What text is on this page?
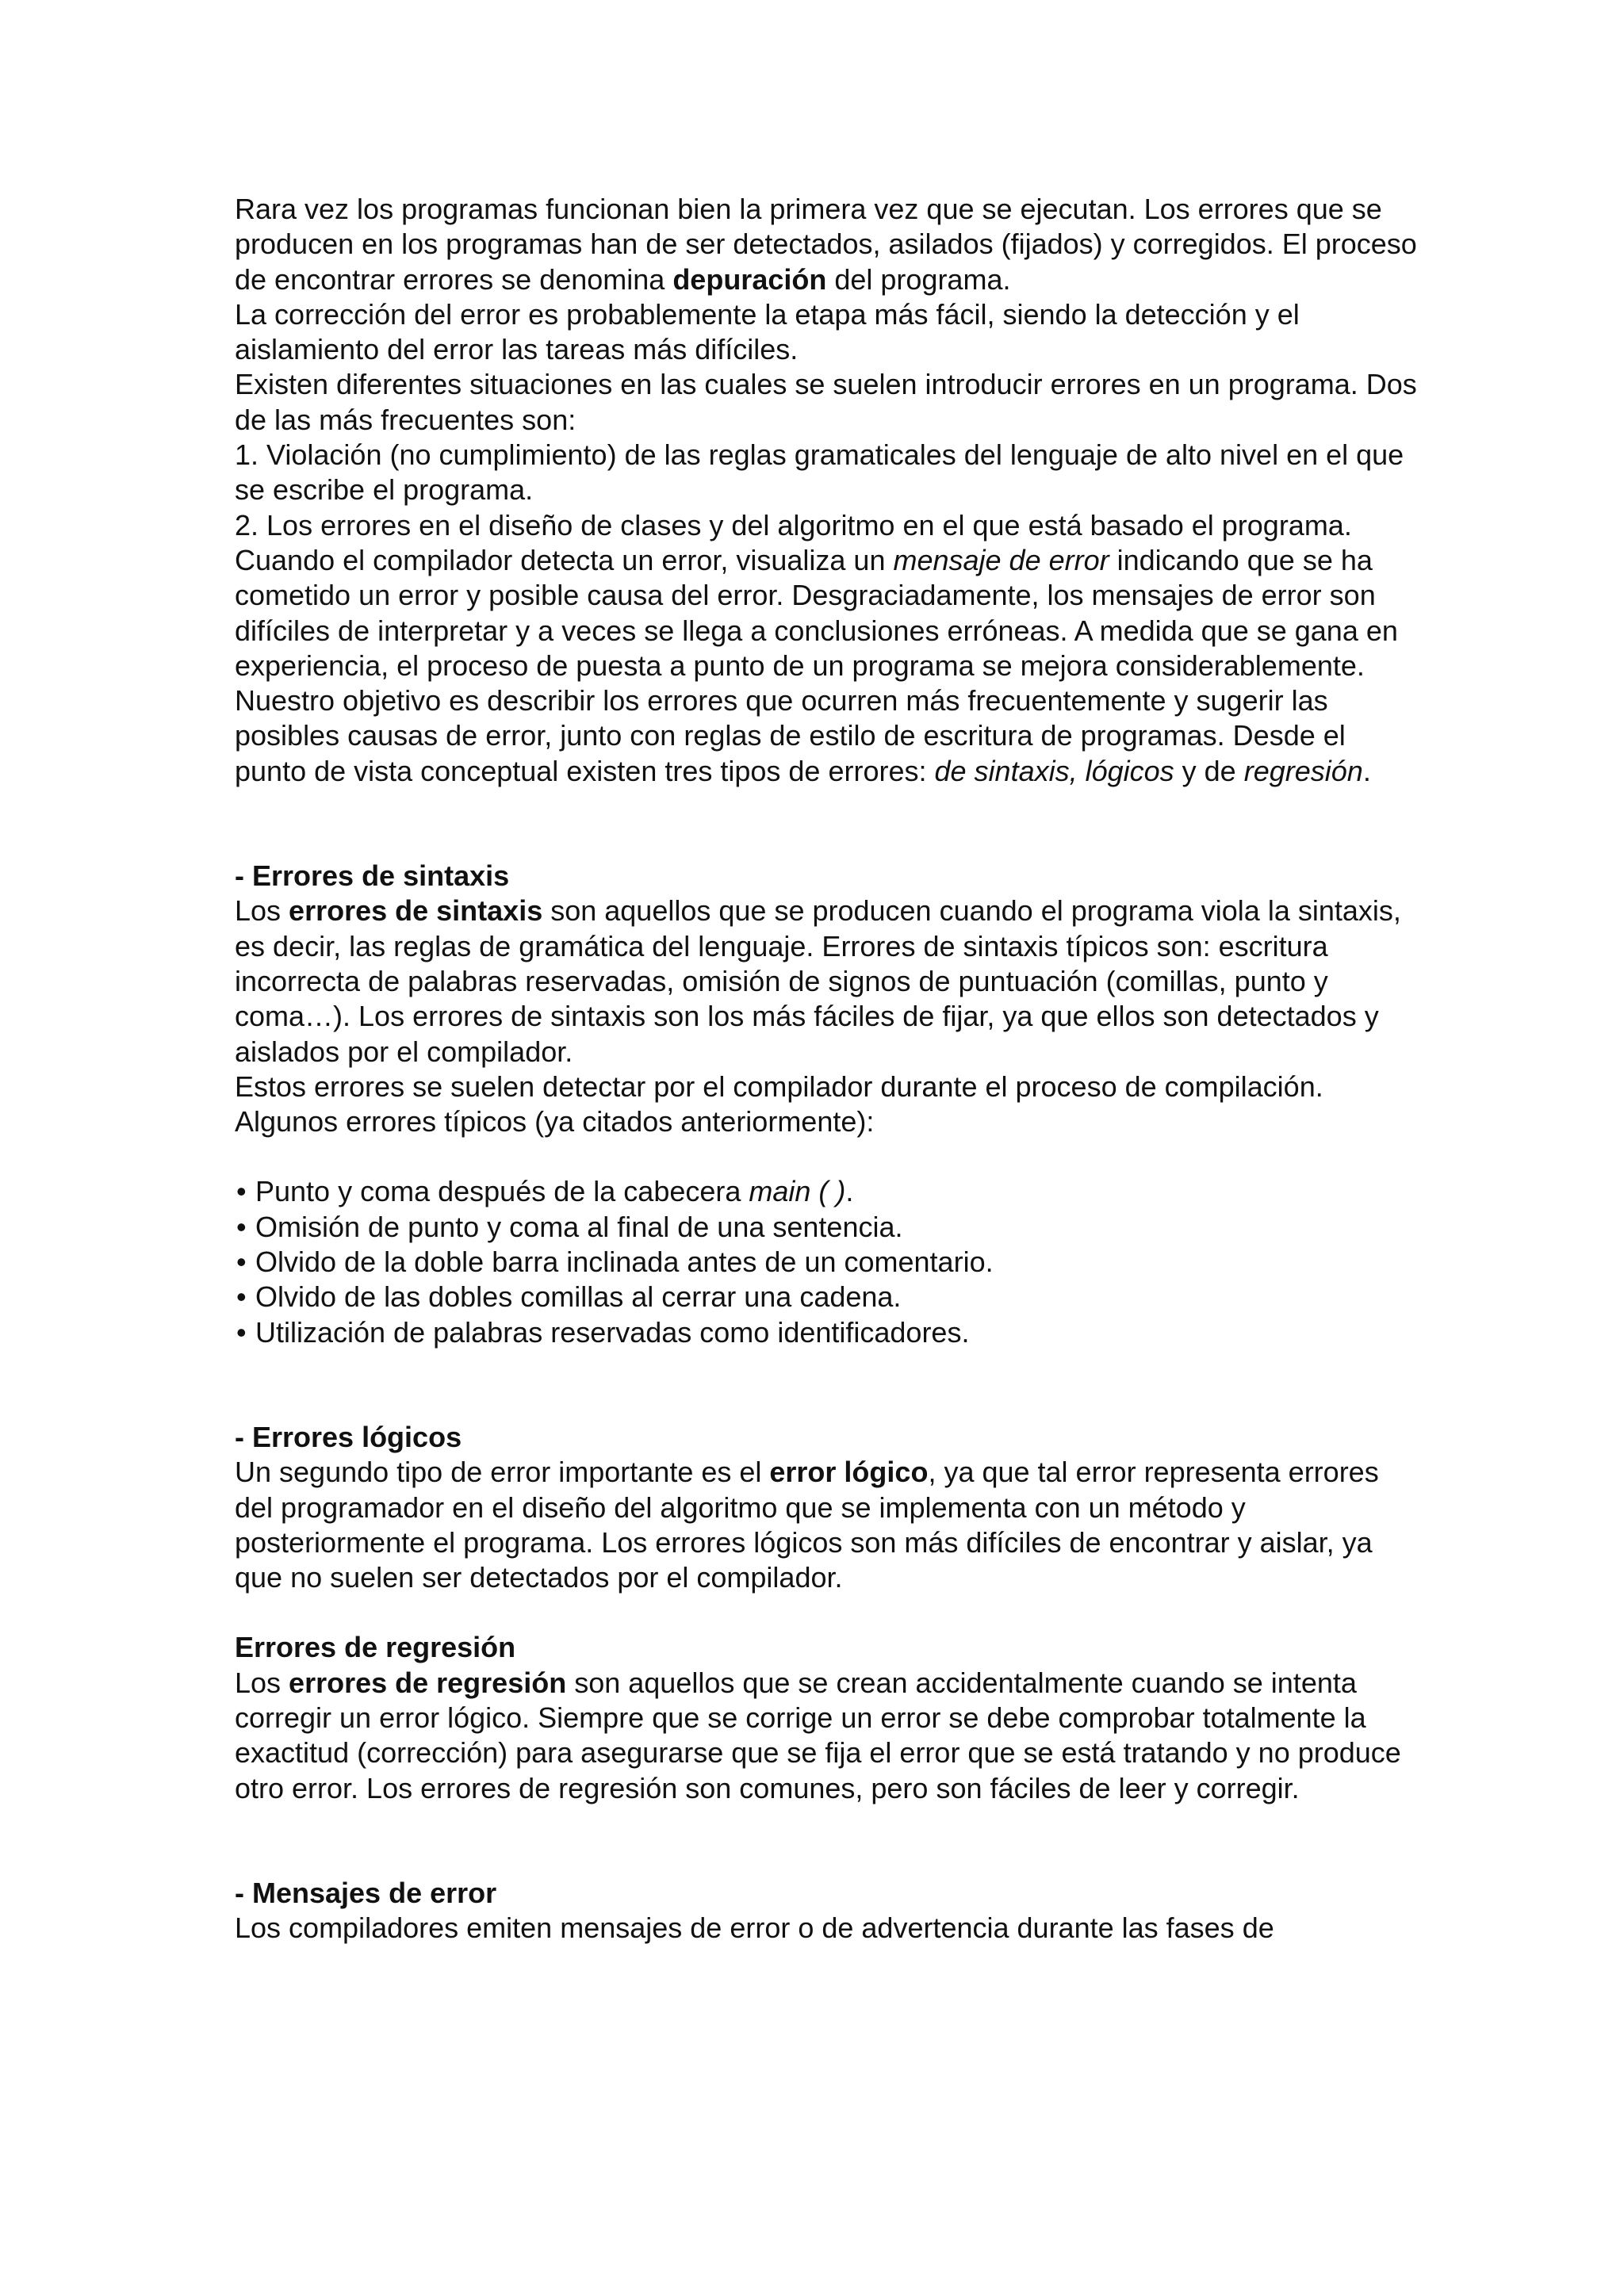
Rara vez los programas funcionan bien la primera vez que se ejecutan. Los errores que se producen en los programas han de ser detectados, asilados (fijados) y corregidos. El proceso de encontrar errores se denomina depuración del programa.

La corrección del error es probablemente la etapa más fácil, siendo la detección y el aislamiento del error las tareas más difíciles.

Existen diferentes situaciones en las cuales se suelen introducir errores en un programa. Dos de las más frecuentes son:

1. Violación (no cumplimiento) de las reglas gramaticales del lenguaje de alto nivel en el que se escribe el programa.

2. Los errores en el diseño de clases y del algoritmo en el que está basado el programa.

Cuando el compilador detecta un error, visualiza un mensaje de error indicando que se ha cometido un error y posible causa del error. Desgraciadamente, los mensajes de error son difíciles de interpretar y a veces se llega a conclusiones erróneas. A medida que se gana en experiencia, el proceso de puesta a punto de un programa se mejora considerablemente.

Nuestro objetivo es describir los errores que ocurren más frecuentemente y sugerir las posibles causas de error, junto con reglas de estilo de escritura de programas. Desde el punto de vista conceptual existen tres tipos de errores: de sintaxis, lógicos y de regresión.

- Errores de sintaxis

Los errores de sintaxis son aquellos que se producen cuando el programa viola la sintaxis, es decir, las reglas de gramática del lenguaje. Errores de sintaxis típicos son: escritura incorrecta de palabras reservadas, omisión de signos de puntuación (comillas, punto y coma…). Los errores de sintaxis son los más fáciles de fijar, ya que ellos son detectados y aislados por el compilador.

Estos errores se suelen detectar por el compilador durante el proceso de compilación. Algunos errores típicos (ya citados anteriormente):

• Punto y coma después de la cabecera main ( ).
• Omisión de punto y coma al final de una sentencia.
• Olvido de la doble barra inclinada antes de un comentario.
• Olvido de las dobles comillas al cerrar una cadena.
• Utilización de palabras reservadas como identificadores.

- Errores lógicos

Un segundo tipo de error importante es el error lógico, ya que tal error representa errores del programador en el diseño del algoritmo que se implementa con un método y posteriormente el programa. Los errores lógicos son más difíciles de encontrar y aislar, ya que no suelen ser detectados por el compilador.

Errores de regresión

Los errores de regresión son aquellos que se crean accidentalmente cuando se intenta corregir un error lógico. Siempre que se corrige un error se debe comprobar totalmente la exactitud (corrección) para asegurarse que se fija el error que se está tratando y no produce otro error. Los errores de regresión son comunes, pero son fáciles de leer y corregir.

- Mensajes de error

Los compiladores emiten mensajes de error o de advertencia durante las fases de
